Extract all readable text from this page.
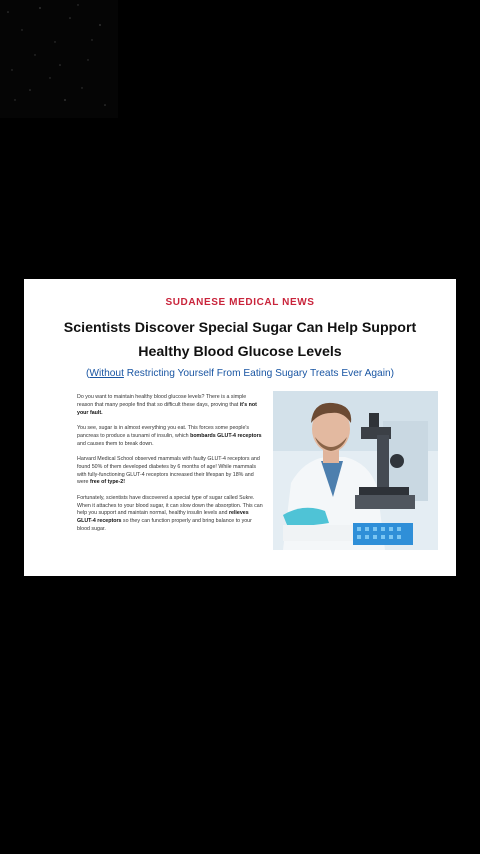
SUDANESE MEDICAL NEWS
Scientists Discover Special Sugar Can Help Support Healthy Blood Glucose Levels
(Without Restricting Yourself From Eating Sugary Treats Ever Again)

Do you want to maintain healthy blood glucose levels? There is a simple reason that many people find that so difficult these days, proving that it's not your fault.

You see, sugar is in almost everything you eat. This forces some people's pancreas to produce a tsunami of insulin, which bombards GLUT-4 receptors and causes them to break down.

Harvard Medical School observed mammals with faulty GLUT-4 receptors and found 50% of them developed diabetes by 6 months of age! While mammals with fully-functioning GLUT-4 receptors increased their lifespan by 18% and were free of type-2!

Fortunately, scientists have discovered a special type of sugar called Sukre. When it attaches to your blood sugar, it can slow down the absorption. This can help you support and maintain normal, healthy insulin levels and relieves GLUT-4 receptors so they can function properly and bring balance to your blood sugar.
